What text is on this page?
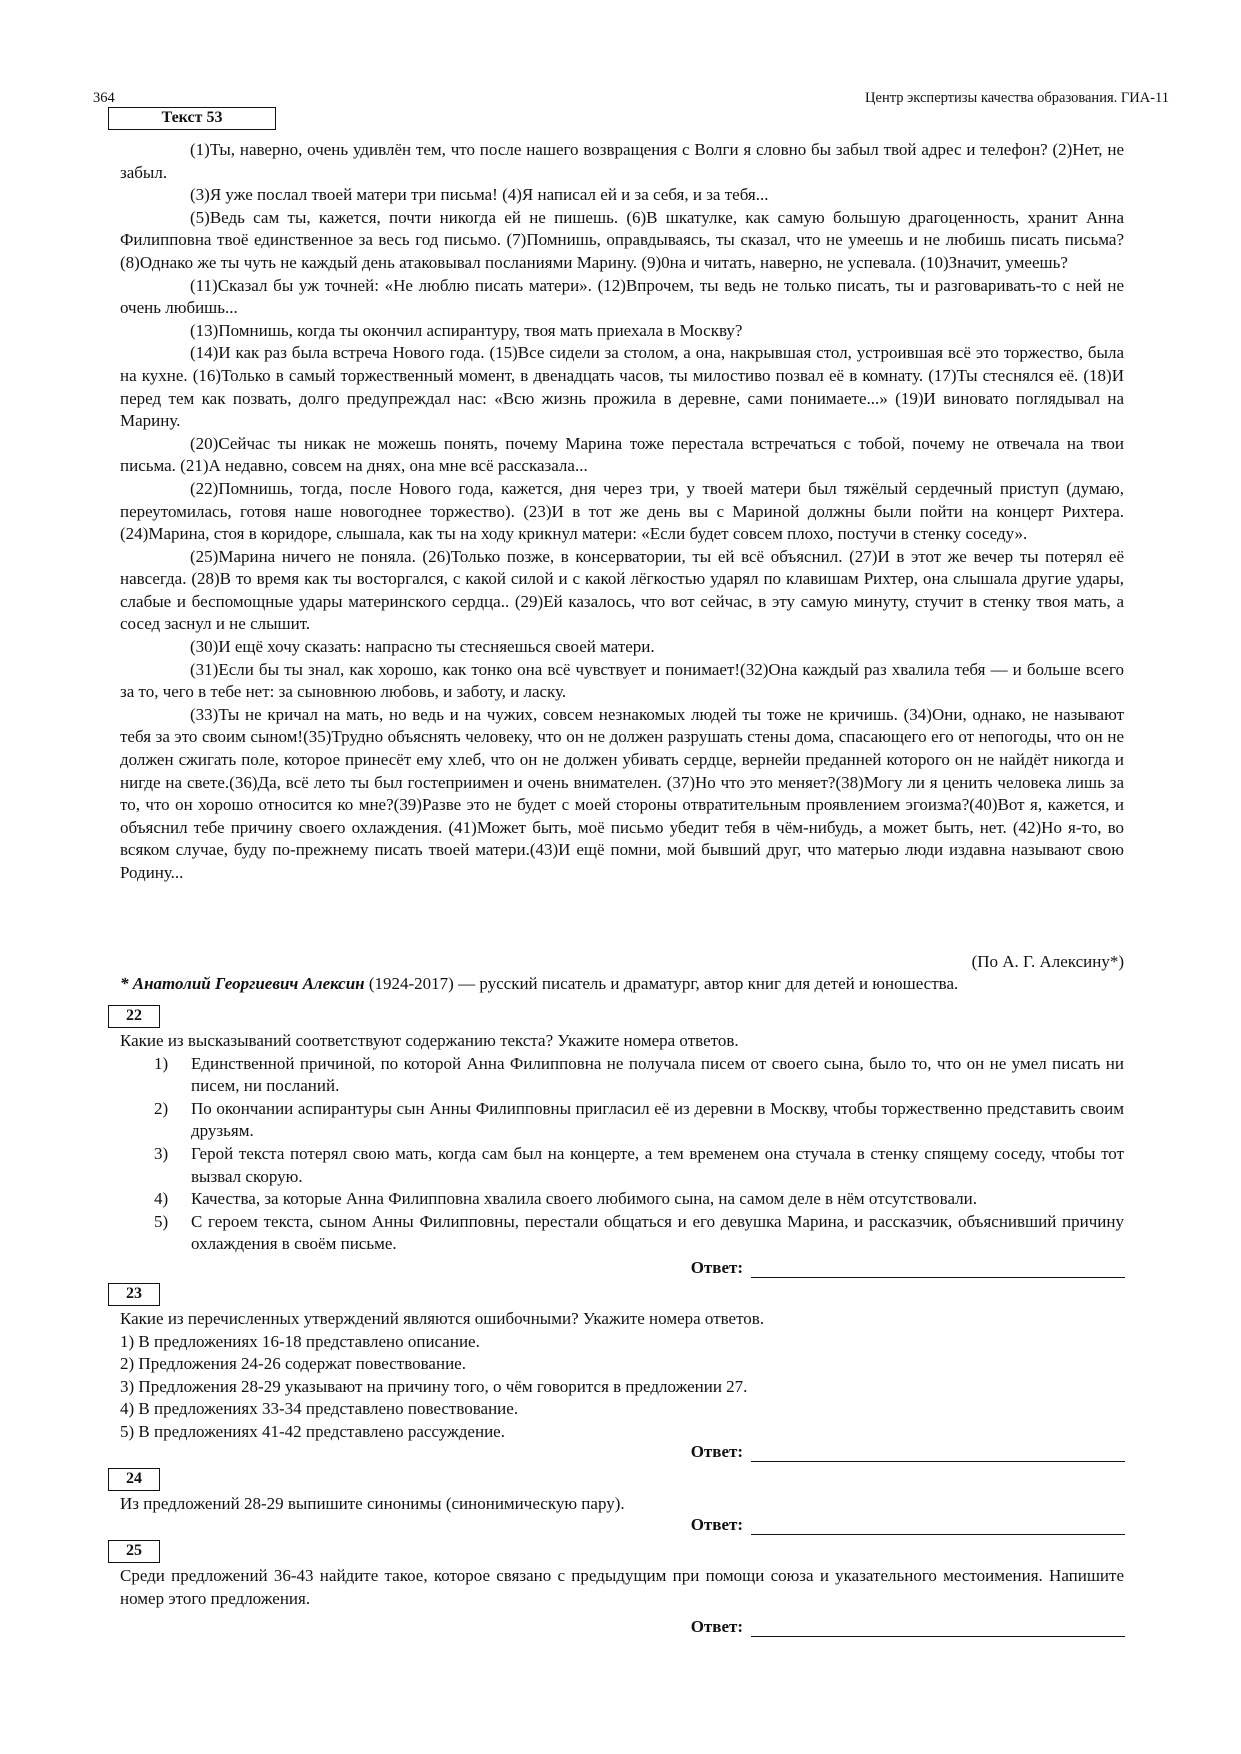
364	Центр экспертизы качества образования. ГИА-11
Текст 53

(1)Ты, наверно, очень удивлён тем, что после нашего возвращения с Волги я словно бы забыл твой адрес и телефон? (2)Нет, не забыл.

(3)Я уже послал твоей матери три письма! (4)Я написал ей и за себя, и за тебя...

(5)Ведь сам ты, кажется, почти никогда ей не пишешь. (6)В шкатулке, как самую большую драгоценность, хранит Анна Филипповна твоё единственное за весь год письмо. (7)Помнишь, оправдываясь, ты сказал, что не умеешь и не любишь писать письма? (8)Однако же ты чуть не каждый день атаковывал посланиями Марину. (9)0на и читать, наверно, не успевала. (10)Значит, умеешь?

(11)Сказал бы уж точней: «Не люблю писать матери». (12)Впрочем, ты ведь не только писать, ты и разговаривать-то с ней не очень любишь...

(13)Помнишь, когда ты окончил аспирантуру, твоя мать приехала в Москву?

(14)И как раз была встреча Нового года. (15)Все сидели за столом, а она, накрывшая стол, устроившая всё это торжество, была на кухне. (16)Только в самый торжественный момент, в двенадцать часов, ты милостиво позвал её в комнату. (17)Ты стеснялся её. (18)И перед тем как позвать, долго предупреждал нас: «Всю жизнь прожила в деревне, сами понимаете...» (19)И виновато поглядывал на Марину.

(20)Сейчас ты никак не можешь понять, почему Марина тоже перестала встречаться с тобой, почему не отвечала на твои письма. (21)А недавно, совсем на днях, она мне всё рассказала...

(22)Помнишь, тогда, после Нового года, кажется, дня через три, у твоей матери был тяжёлый сердечный приступ (думаю, переутомилась, готовя наше новогоднее торжество). (23)И в тот же день вы с Мариной должны были пойти на концерт Рихтера. (24)Марина, стоя в коридоре, слышала, как ты на ходу крикнул матери: «Если будет совсем плохо, постучи в стенку соседу».

(25)Марина ничего не поняла. (26)Только позже, в консерватории, ты ей всё объяснил. (27)И в этот же вечер ты потерял её навсегда. (28)В то время как ты восторгался, с какой силой и с какой лёгкостью ударял по клавишам Рихтер, она слышала другие удары, слабые и беспомощные удары материнского сердца.. (29)Ей казалось, что вот сейчас, в эту самую минуту, стучит в стенку твоя мать, а сосед заснул и не слышит.

(30)И ещё хочу сказать: напрасно ты стесняешься своей матери.

(31)Если бы ты знал, как хорошо, как тонко она всё чувствует и понимает!(32)Она каждый раз хвалила тебя — и больше всего за то, чего в тебе нет: за сыновнюю любовь, и заботу, и ласку.

(33)Ты не кричал на мать, но ведь и на чужих, совсем незнакомых людей ты тоже не кричишь. (34)Они, однако, не называют тебя за это своим сыном!(35)Трудно объяснять человеку, что он не должен разрушать стены дома, спасающего его от непогоды, что он не должен сжигать поле, которое принесёт ему хлеб, что он не должен убивать сердце, вернейи преданней которого он не найдёт никогда и нигде на свете.(36)Да, всё лето ты был гостеприимен и очень внимателен. (37)Но что это меняет?(38)Могу ли я ценить человека лишь за то, что он хорошо относится ко мне?(39)Разве это не будет с моей стороны отвратительным проявлением эгоизма?(40)Вот я, кажется, и объяснил тебе причину своего охлаждения. (41)Может быть, моё письмо убедит тебя в чём-нибудь, а может быть, нет. (42)Но я-то, во всяком случае, буду по-прежнему писать твоей матери.(43)И ещё помни, мой бывший друг, что матерью люди издавна называют свою Родину...

(По А. Г. Алексину*)
* Анатолий Георгиевич Алексин (1924-2017) — русский писатель и драматург, автор книг для детей и юношества.
22
Какие из высказываний соответствуют содержанию текста? Укажите номера ответов.
1) Единственной причиной, по которой Анна Филипповна не получала писем от своего сына, было то, что он не умел писать ни писем, ни посланий.
2) По окончании аспирантуры сын Анны Филипповны пригласил её из деревни в Москву, чтобы торжественно представить своим друзьям.
3) Герой текста потерял свою мать, когда сам был на концерте, а тем временем она стучала в стенку спящему соседу, чтобы тот вызвал скорую.
4) Качества, за которые Анна Филипповна хвалила своего любимого сына, на самом деле в нём отсутствовали.
5) С героем текста, сыном Анны Филипповны, перестали общаться и его девушка Марина, и рассказчик, объяснивший причину охлаждения в своём письме.
Ответ:
23
Какие из перечисленных утверждений являются ошибочными? Укажите номера ответов.
1) В предложениях 16-18 представлено описание.
2) Предложения 24-26 содержат повествование.
3) Предложения 28-29 указывают на причину того, о чём говорится в предложении 27.
4) В предложениях 33-34 представлено повествование.
5) В предложениях 41-42 представлено рассуждение.
Ответ:
24
Из предложений 28-29 выпишите синонимы (синонимическую пару).
Ответ:
25
Среди предложений 36-43 найдите такое, которое связано с предыдущим при помощи союза и указательного местоимения. Напишите номер этого предложения.
Ответ:
